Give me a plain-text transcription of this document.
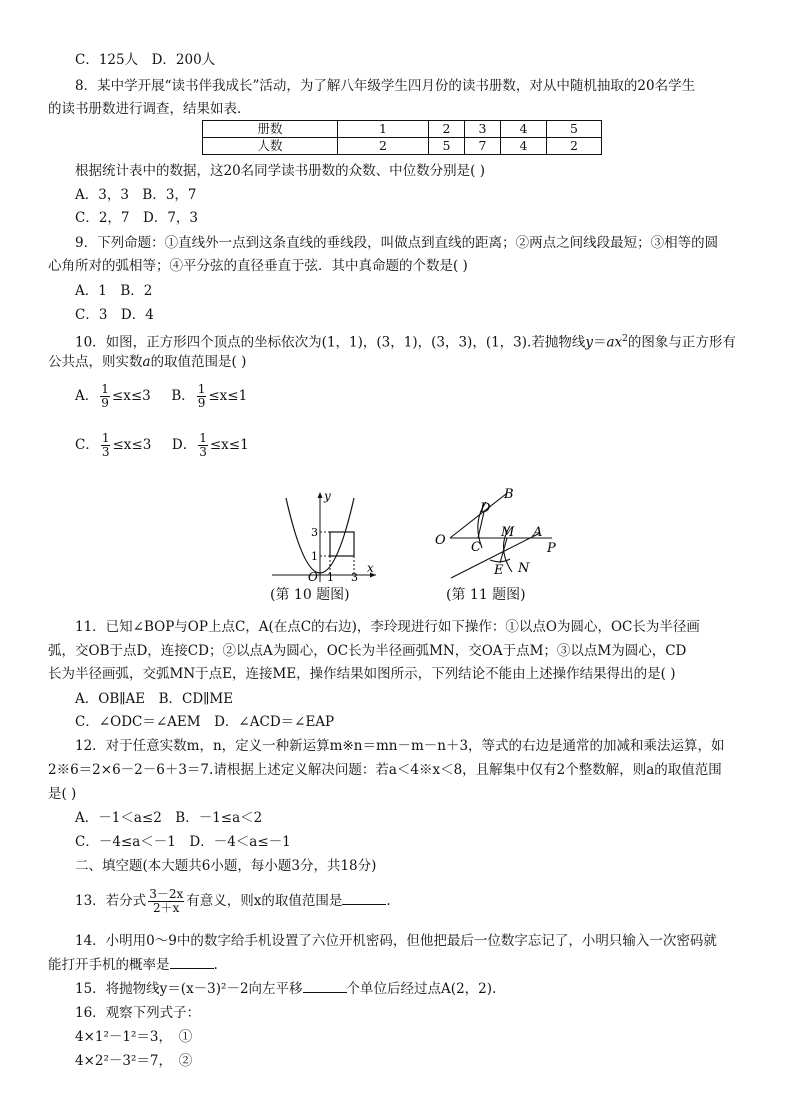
C．125人　D．200人
8．某中学开展“读书伴我成长”活动，为了解八年级学生四月份的读书册数，对从中随机抽取的20名学生
的读书册数进行调查，结果如表．
册数	1	2	3	4	5
人数	2	5	7	4	2
根据统计表中的数据，这20名同学读书册数的众数、中位数分别是( )
A．3，3　B．3，7
C．2，7　D．7，3
9．下列命题：①直线外一点到这条直线的垂线段，叫做点到直线的距离；②两点之间线段最短；③相等的圆
心角所对的弧相等；④平分弦的直径垂直于弦．其中真命题的个数是( )
A．1　B．2
C．3　D．4
10．如图，正方形四个顶点的坐标依次为(1，1)，(3，1)，(3，3)，(1，3).若抛物线$y=ax^2$的图象与正方形有
公共点，则实数a的取值范围是( )
A． $\frac{1}{9} \le x\le 3$ B． $\frac{1}{9} \le x\le 1$
C． $\frac{1}{3} \le x\le 3$ D． $\frac{1}{3} \le x\le 1$
y
x
O 1 3
1
3
(第 10 题图)
B
D
O C
M A
P
E N
(第 11 题图)
11．已知∠BOP与OP上点C，A(在点C的右边)，李玲现进行如下操作：①以点O为圆心，OC长为半径画
弧，交OB于点D，连接CD；②以点A为圆心，OC长为半径画弧MN，交OA于点M；③以点M为圆心，CD
长为半径画弧，交弧MN于点E，连接ME，操作结果如图所示，下列结论不能由上述操作结果得出的是( )
A．OB∥AE　B．CD∥ME
C．∠ODC＝∠AEM　D．∠ACD＝∠EAP
12．对于任意实数m，n，定义一种新运算m※n＝mn－m－n＋3，等式的右边是通常的加减和乘法运算，如
2※6＝2×6－2－6＋3＝7.请根据上述定义解决问题：若a＜4※x＜8，且解集中仅有2个整数解，则a的取值范围
是( )
A．－1＜a≤2　B．－1≤a＜2
C．－4≤a＜－1　D．－4＜a≤－1
二、填空题(本大题共6小题，每小题3分，共18分)
13．若分式 $\frac{3-2x}{2+x}$ 有意义，则x的取值范围是	.
14．小明用0～9中的数字给手机设置了六位开机密码，但他把最后一位数字忘记了，小明只输入一次密码就
能打开手机的概率是	.
15．将抛物线y＝(x－3)²－2向左平移	个单位后经过点A(2，2).
16．观察下列式子：
4×1²－1²＝3，　①
4×2²－3²＝7，　②
